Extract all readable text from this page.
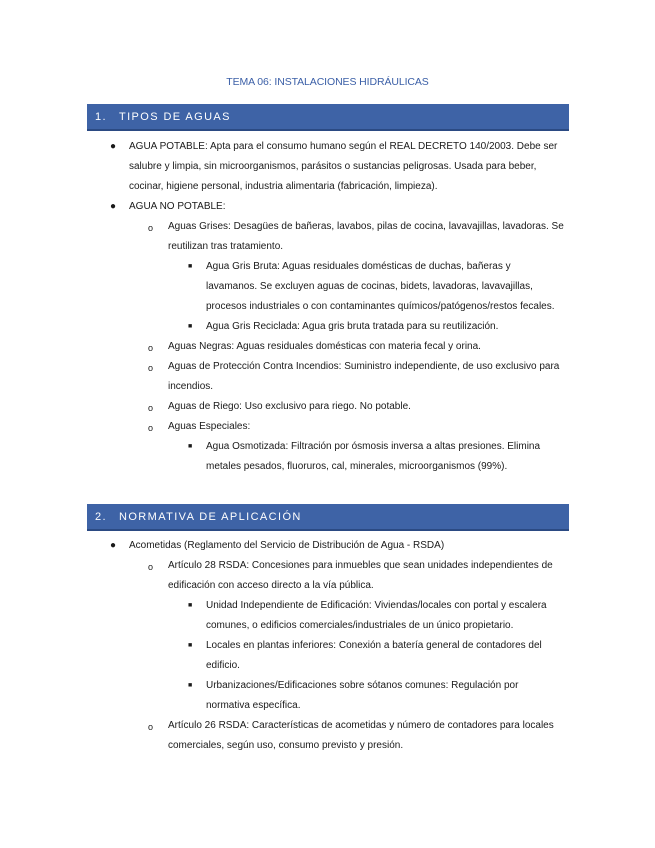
TEMA 06: INSTALACIONES HIDRÁULICAS
1. TIPOS DE AGUAS
● AGUA POTABLE: Apta para el consumo humano según el REAL DECRETO 140/2003. Debe ser salubre y limpia, sin microorganismos, parásitos o sustancias peligrosas. Usada para beber, cocinar, higiene personal, industria alimentaria (fabricación, limpieza).
● AGUA NO POTABLE:
o Aguas Grises: Desagües de bañeras, lavabos, pilas de cocina, lavavajillas, lavadoras. Se reutilizan tras tratamiento.
■ Agua Gris Bruta: Aguas residuales domésticas de duchas, bañeras y lavamanos. Se excluyen aguas de cocinas, bidets, lavadoras, lavavajillas, procesos industriales o con contaminantes químicos/patógenos/restos fecales.
■ Agua Gris Reciclada: Agua gris bruta tratada para su reutilización.
o Aguas Negras: Aguas residuales domésticas con materia fecal y orina.
o Aguas de Protección Contra Incendios: Suministro independiente, de uso exclusivo para incendios.
o Aguas de Riego: Uso exclusivo para riego. No potable.
o Aguas Especiales:
■ Agua Osmotizada: Filtración por ósmosis inversa a altas presiones. Elimina metales pesados, fluoruros, cal, minerales, microorganismos (99%).
2. NORMATIVA DE APLICACIÓN
● Acometidas (Reglamento del Servicio de Distribución de Agua - RSDA)
o Artículo 28 RSDA: Concesiones para inmuebles que sean unidades independientes de edificación con acceso directo a la vía pública.
■ Unidad Independiente de Edificación: Viviendas/locales con portal y escalera comunes, o edificios comerciales/industriales de un único propietario.
■ Locales en plantas inferiores: Conexión a batería general de contadores del edificio.
■ Urbanizaciones/Edificaciones sobre sótanos comunes: Regulación por normativa específica.
o Artículo 26 RSDA: Características de acometidas y número de contadores para locales comerciales, según uso, consumo previsto y presión.
